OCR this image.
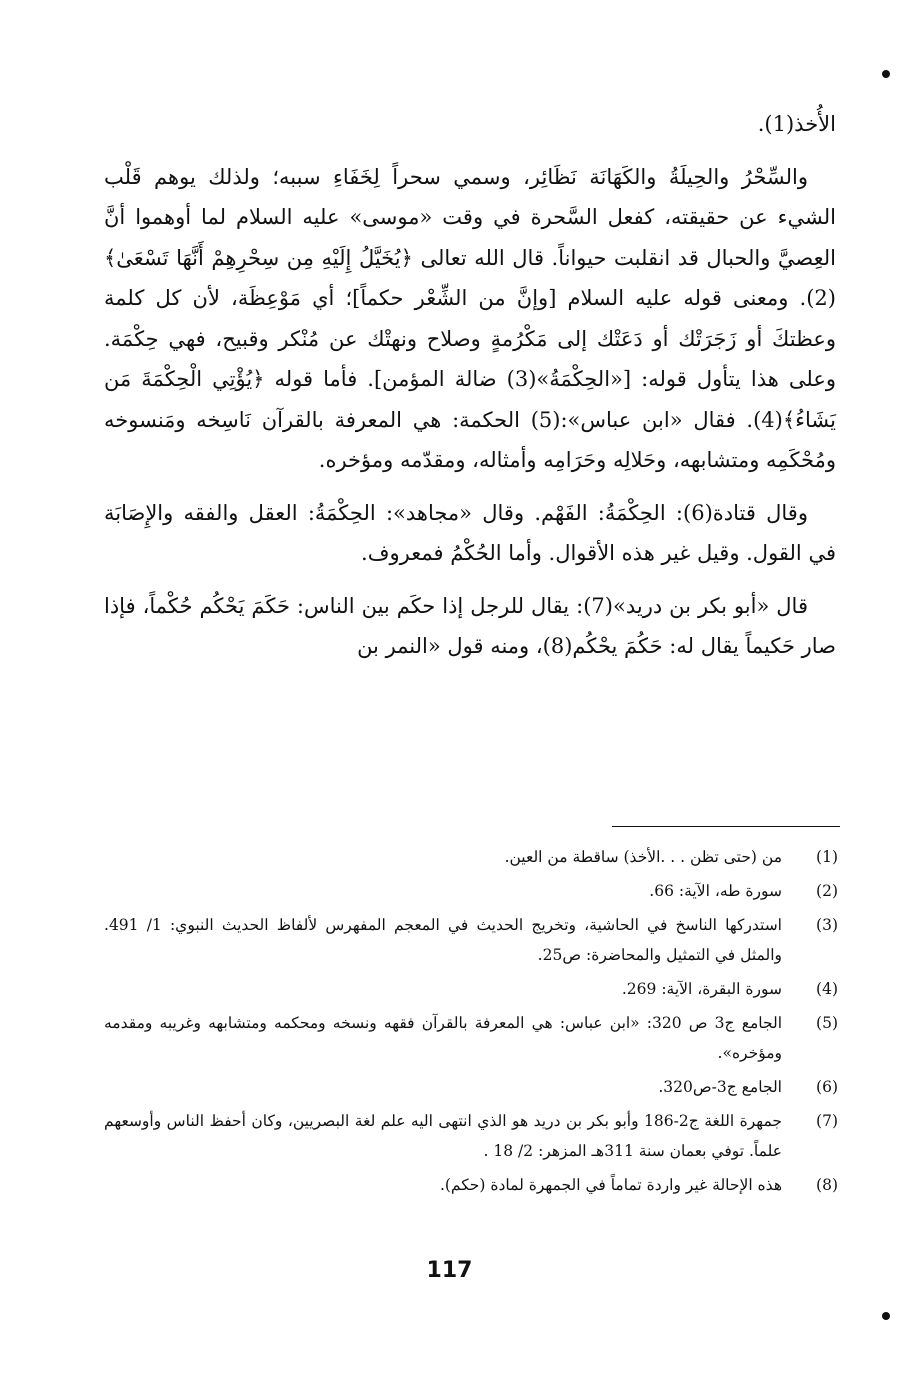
الأُخذ(1).

والسِّحْرُ والحِيلَةُ والكَهَانَة نَظَائِر، وسمي سحراً لِخَفَاءِ سببه؛ ولذلك يوهم قَلْب الشيء عن حقيقته، كفعل السَّحرة في وقت «موسى» عليه السلام لما أوهموا أنَّ العِصيَّ والحبال قد انقلبت حيواناً. قال الله تعالى ﴿يُخَيَّلُ إِلَيْهِ مِن سِحْرِهِمْ أَنَّهَا تَسْعَىٰ﴾(2). ومعنى قوله عليه السلام [وإنَّ من الشِّعْر حكماً]؛ أي مَوْعِظَة، لأن كل كلمة وعظتكَ أو زَجَرَتْك أو دَعَتْك إلى مَكْرُمةٍ وصلاح ونهتْك عن مُنْكر وقبيح، فهي حِكْمَة. وعلى هذا يتأول قوله: [«الحِكْمَةُ»(3) ضالة المؤمن]. فأما قوله ﴿يُؤْتِي الْحِكْمَةَ مَن يَشَاءُ﴾(4). فقال «ابن عباس»:(5) الحكمة: هي المعرفة بالقرآن نَاسِخه ومَنسوخه ومُحْكَمِه ومتشابهه، وحَلالِه وحَرَامِه وأمثاله، ومقدّمه ومؤخره.

وقال قتادة(6): الحِكْمَةُ: الفَهْم. وقال «مجاهد»: الحِكْمَةُ: العقل والفقه والإِصَابَة في القول. وقيل غير هذه الأقوال. وأما الحُكْمُ فمعروف.

قال «أبو بكر بن دريد»(7): يقال للرجل إذا حكَم بين الناس: حَكَمَ يَحْكُم حُكْماً، فإذا صار حَكيماً يقال له: حَكُمَ يحْكُم(8)، ومنه قول «النمر بن

(1)
من (حتى تظن . . .الأخذ) ساقطة من العين.
(2)
سورة طه، الآية: 66.
(3)
استدركها الناسخ في الحاشية، وتخريج الحديث في المعجم المفهرس لألفاظ الحديث النبوي: 1/ 491. والمثل في التمثيل والمحاضرة: ص25.
(4)
سورة البقرة، الآية: 269.
(5)
الجامع ج3 ص 320: «ابن عباس: هي المعرفة بالقرآن فقهه ونسخه ومحكمه ومتشابهه وغريبه ومقدمه ومؤخره».
(6)
الجامع ج3-ص320.
(7)
جمهرة اللغة ج2-186 وأبو بكر بن دريد هو الذي انتهى اليه علم لغة البصريين، وكان أحفظ الناس وأوسعهم علماً. توفي بعمان سنة 311هـ المزهر: 2/ 18 .
(8)
هذه الإحالة غير واردة تماماً في الجمهرة لمادة (حكم).
117
